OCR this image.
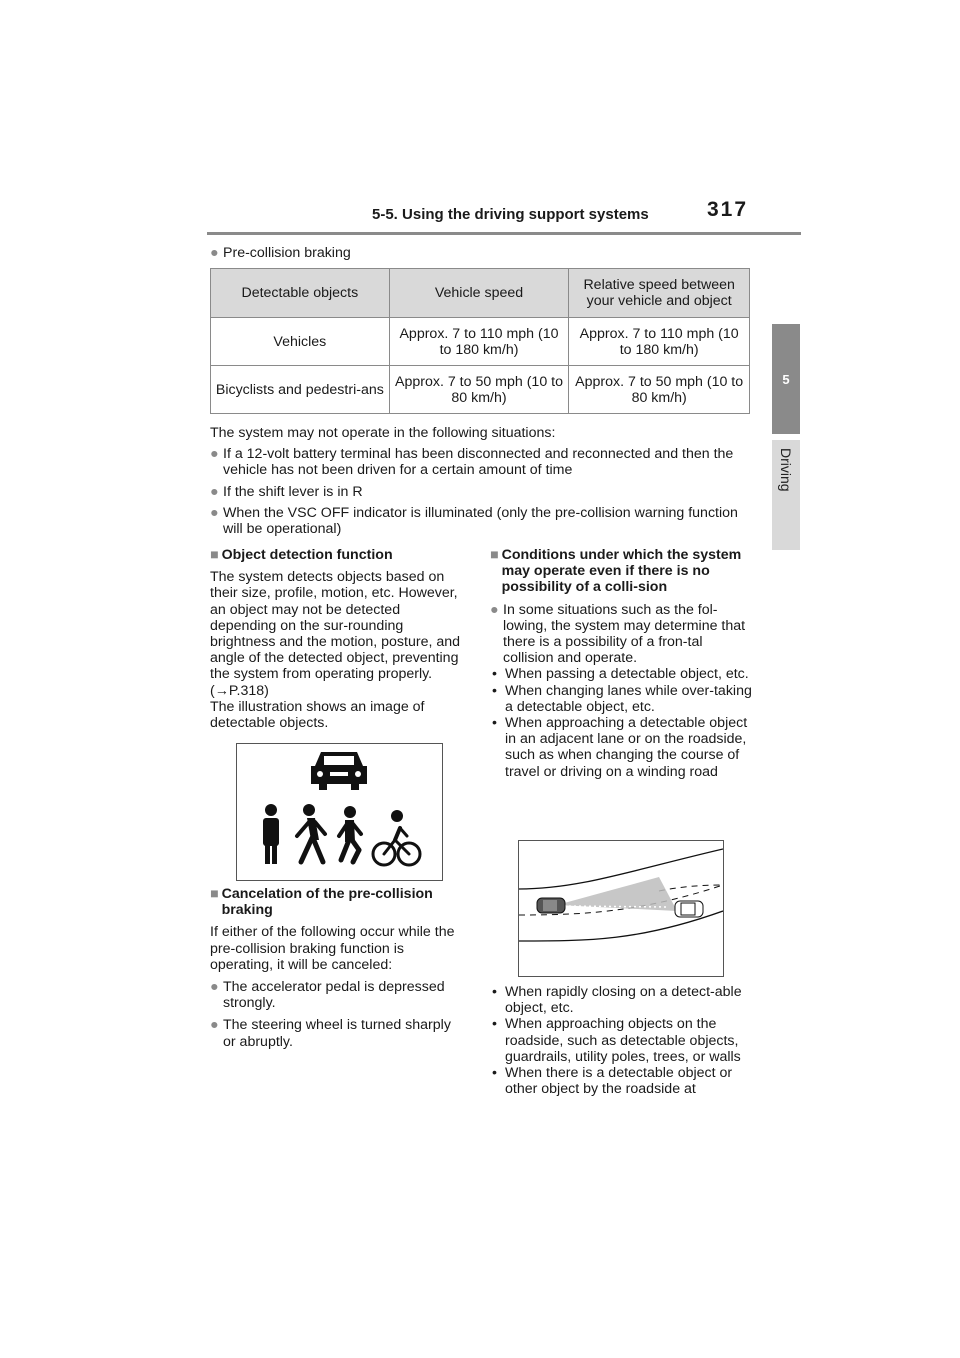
5-5. Using the driving support systems	317
5
Driving
● Pre-collision braking
Detectable objects	Vehicle speed	Relative speed between your vehicle and object
Vehicles	Approx. 7 to 110 mph (10 to 180 km/h)	Approx. 7 to 110 mph (10 to 180 km/h)
Bicyclists and pedestri-ans	Approx. 7 to 50 mph (10 to 80 km/h)	Approx. 7 to 50 mph (10 to 80 km/h)
The system may not operate in the following situations:
● If a 12-volt battery terminal has been disconnected and reconnected and then the vehicle has not been driven for a certain amount of time
● If the shift lever is in R
● When the VSC OFF indicator is illuminated (only the pre-collision warning function will be operational)
■ Object detection function

The system detects objects based on their size, profile, motion, etc. However, an object may not be detected depending on the sur-rounding brightness and the motion, posture, and angle of the detected object, preventing the system from operating properly. (→P.318)
The illustration shows an image of detectable objects.

■ Cancelation of the pre-collision braking

If either of the following occur while the pre-collision braking function is operating, it will be canceled:

● The accelerator pedal is depressed strongly.
● The steering wheel is turned sharply or abruptly.
■ Conditions under which the system may operate even if there is no possibility of a colli-sion
● In some situations such as the fol-lowing, the system may determine that there is a possibility of a fron-tal collision and operate.
• When passing a detectable object, etc.
• When changing lanes while over-taking a detectable object, etc.
• When approaching a detectable object in an adjacent lane or on the roadside, such as when changing the course of travel or driving on a winding road
• When rapidly closing on a detect-able object, etc.
• When approaching objects on the roadside, such as detectable objects, guardrails, utility poles, trees, or walls
• When there is a detectable object or other object by the roadside at
